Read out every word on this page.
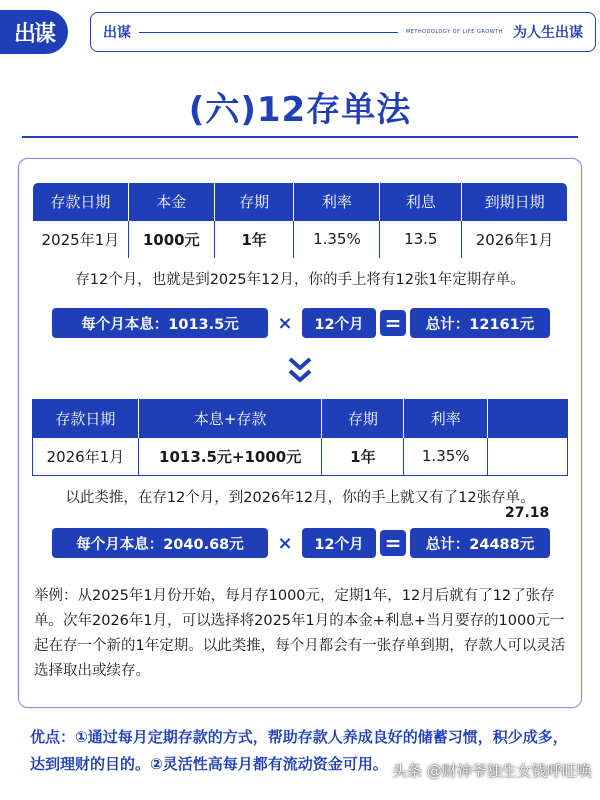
出谋	出谋	METHODOLOGY OF LIFE GROWTH 为人生出谋
(六)12存单法
存款日期	本金	存期	利率	利息	到期日期
2025年1月	1000元	1年	1.35%	13.5	2026年1月
存12个月，也就是到2025年12月，你的手上将有12张1年定期存单。
每个月本息：1013.5元	×	12个月	=	总计：12161元
存款日期	本息+存款	存期	利率	
2026年1月	1013.5元+1000元	1年	1.35%	
以此类推，在存12个月，到2026年12月，你的手上就又有了12张存单。
27.18
每个月本息：2040.68元	×	12个月	=	总计：24488元
举例：从2025年1月份开始，每月存1000元，定期1年，12月后就有了12了张存单。次年2026年1月，可以选择将2025年1月的本金+利息+当月要存的1000元一起在存一个新的1年定期。以此类推，每个月都会有一张存单到期，存款人可以灵活选择取出或续存。
优点：①通过每月定期存款的方式，帮助存款人养成良好的储蓄习惯，积少成多，达到理财的目的。②灵活性高每月都有流动资金可用。 头条 @财神爷独生女钱呼旺唤
